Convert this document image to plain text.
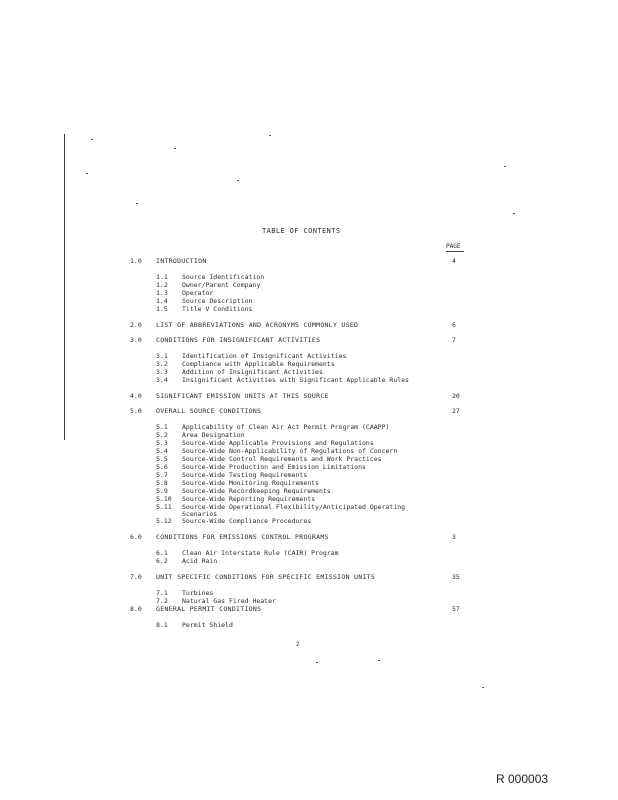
TABLE OF CONTENTS
PAGE
1.0 INTRODUCTION	4
1.1 Source Identification
1.2 Owner/Parent Company
1.3 Operator
1.4 Source Description
1.5 Title V Conditions
2.0 LIST OF ABBREVIATIONS AND ACRONYMS COMMONLY USED	6
3.0 CONDITIONS FOR INSIGNIFICANT ACTIVITIES	7
3.1 Identification of Insignificant Activities
3.2 Compliance with Applicable Requirements
3.3 Addition of Insignificant Activities
3.4 Insignificant Activities with Significant Applicable Rules
4.0 SIGNIFICANT EMISSION UNITS AT THIS SOURCE	20
5.0 OVERALL SOURCE CONDITIONS	27
5.1 Applicability of Clean Air Act Permit Program (CAAPP)
5.2 Area Designation
5.3 Source-Wide Applicable Provisions and Regulations
5.4 Source-Wide Non-Applicability of Regulations of Concern
5.5 Source-Wide Control Requirements and Work Practices
5.6 Source-Wide Production and Emission Limitations
5.7 Source-Wide Testing Requirements
5.8 Source-Wide Monitoring Requirements
5.9 Source-Wide Recordkeeping Requirements
5.10 Source-Wide Reporting Requirements
5.11 Source-Wide Operational Flexibility/Anticipated Operating
Scenarios
5.12 Source-Wide Compliance Procedures
6.0 CONDITIONS FOR EMISSIONS CONTROL PROGRAMS	3
6.1 Clean Air Interstate Rule (CAIR) Program
6.2 Acid Rain
7.0 UNIT SPECIFIC CONDITIONS FOR SPECIFIC EMISSION UNITS	35
7.1 Turbines
7.2 Natural Gas Fired Heater
8.0 GENERAL PERMIT CONDITIONS	57
8.1 Permit Shield
2
R 000003
